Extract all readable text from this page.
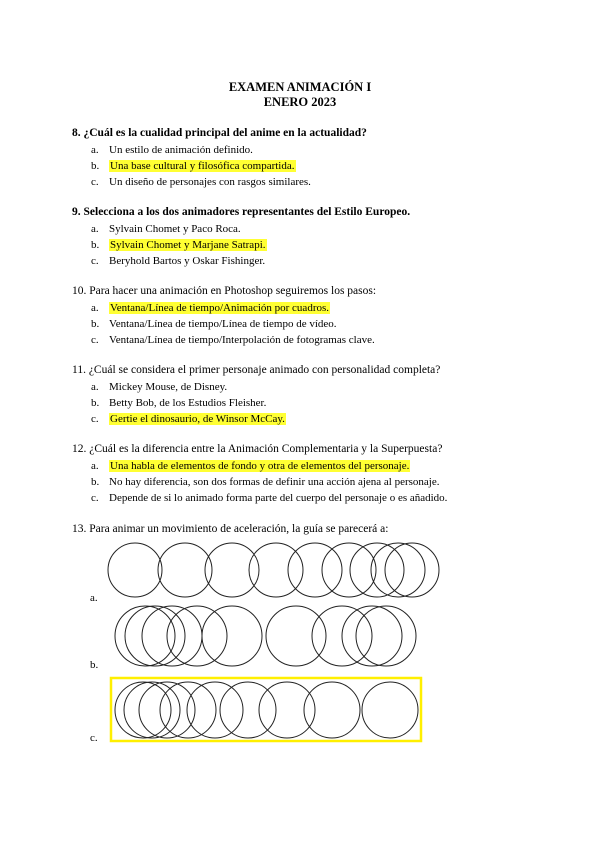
EXAMEN ANIMACIÓN I
ENERO 2023
8. ¿Cuál es la cualidad principal del anime en la actualidad?
a. Un estilo de animación definido.
b. Una base cultural y filosófica compartida.
c. Un diseño de personajes con rasgos similares.
9. Selecciona a los dos animadores representantes del Estilo Europeo.
a. Sylvain Chomet y Paco Roca.
b. Sylvain Chomet y Marjane Satrapi.
c. Beryhold Bartos y Oskar Fishinger.
10. Para hacer una animación en Photoshop seguiremos los pasos:
a. Ventana/Línea de tiempo/Animación por cuadros.
b. Ventana/Línea de tiempo/Línea de tiempo de vídeo.
c. Ventana/Línea de tiempo/Interpolación de fotogramas clave.
11. ¿Cuál se considera el primer personaje animado con personalidad completa?
a. Mickey Mouse, de Disney.
b. Betty Bob, de los Estudios Fleisher.
c. Gertie el dinosaurio, de Winsor McCay.
12. ¿Cuál es la diferencia entre la Animación Complementaria y la Superpuesta?
a. Una habla de elementos de fondo y otra de elementos del personaje.
b. No hay diferencia, son dos formas de definir una acción ajena al personaje.
c. Depende de si lo animado forma parte del cuerpo del personaje o es añadido.
13. Para animar un movimiento de aceleración, la guía se parecerá a:
a.
b.
c.
